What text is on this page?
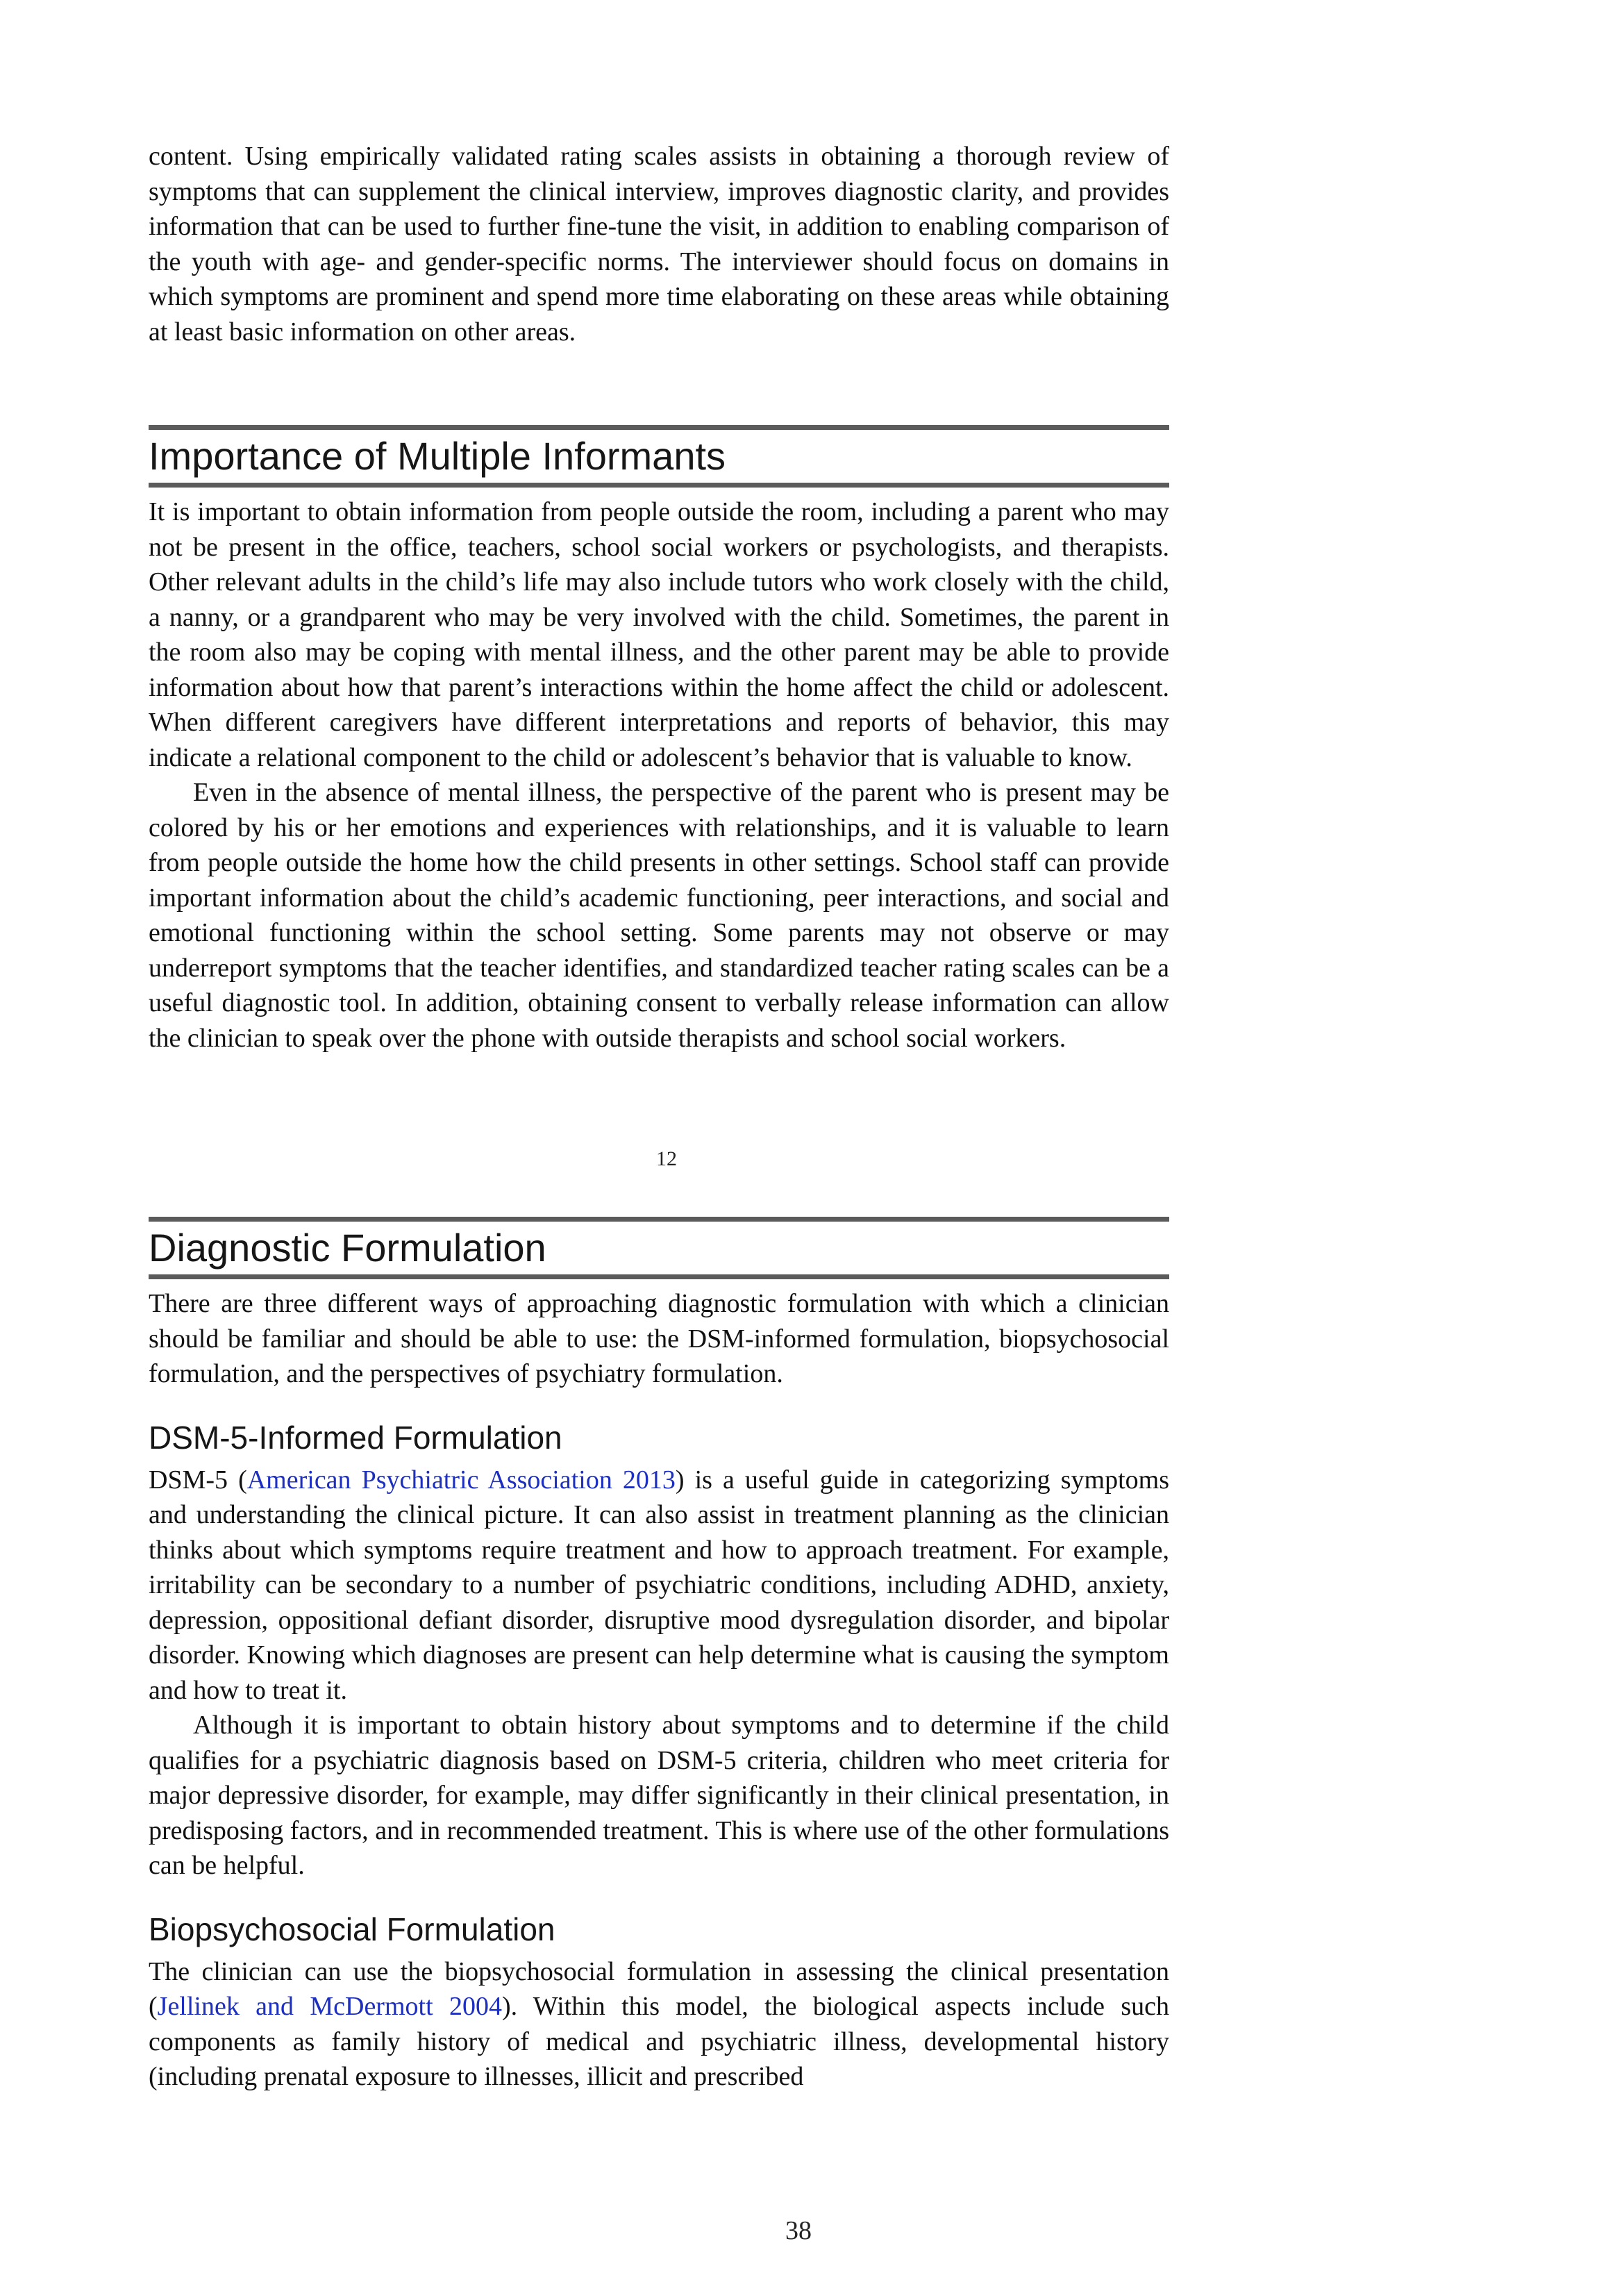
content. Using empirically validated rating scales assists in obtaining a thorough review of symptoms that can supplement the clinical interview, improves diagnostic clarity, and provides information that can be used to further fine-tune the visit, in addition to enabling comparison of the youth with age- and gender-specific norms. The interviewer should focus on domains in which symptoms are prominent and spend more time elaborating on these areas while obtaining at least basic information on other areas.

Importance of Multiple Informants

It is important to obtain information from people outside the room, including a parent who may not be present in the office, teachers, school social workers or psychologists, and therapists. Other relevant adults in the child’s life may also include tutors who work closely with the child, a nanny, or a grandparent who may be very involved with the child. Sometimes, the parent in the room also may be coping with mental illness, and the other parent may be able to provide information about how that parent’s interactions within the home affect the child or adolescent. When different caregivers have different interpretations and reports of behavior, this may indicate a relational component to the child or adolescent’s behavior that is valuable to know.

Even in the absence of mental illness, the perspective of the parent who is present may be colored by his or her emotions and experiences with relationships, and it is valuable to learn from people outside the home how the child presents in other settings. School staff can provide important information about the child’s academic functioning, peer interactions, and social and emotional functioning within the school setting. Some parents may not observe or may underreport symptoms that the teacher identifies, and standardized teacher rating scales can be a useful diagnostic tool. In addition, obtaining consent to verbally release information can allow the clinician to speak over the phone with outside therapists and school social workers.

12
Diagnostic Formulation

There are three different ways of approaching diagnostic formulation with which a clinician should be familiar and should be able to use: the DSM-informed formulation, biopsychosocial formulation, and the perspectives of psychiatry formulation.

DSM-5-Informed Formulation

DSM-5 (American Psychiatric Association 2013) is a useful guide in categorizing symptoms and understanding the clinical picture. It can also assist in treatment planning as the clinician thinks about which symptoms require treatment and how to approach treatment. For example, irritability can be secondary to a number of psychiatric conditions, including ADHD, anxiety, depression, oppositional defiant disorder, disruptive mood dysregulation disorder, and bipolar disorder. Knowing which diagnoses are present can help determine what is causing the symptom and how to treat it.

Although it is important to obtain history about symptoms and to determine if the child qualifies for a psychiatric diagnosis based on DSM-5 criteria, children who meet criteria for major depressive disorder, for example, may differ significantly in their clinical presentation, in predisposing factors, and in recommended treatment. This is where use of the other formulations can be helpful.

Biopsychosocial Formulation

The clinician can use the biopsychosocial formulation in assessing the clinical presentation (Jellinek and McDermott 2004). Within this model, the biological aspects include such components as family history of medical and psychiatric illness, developmental history (including prenatal exposure to illnesses, illicit and prescribed

38
